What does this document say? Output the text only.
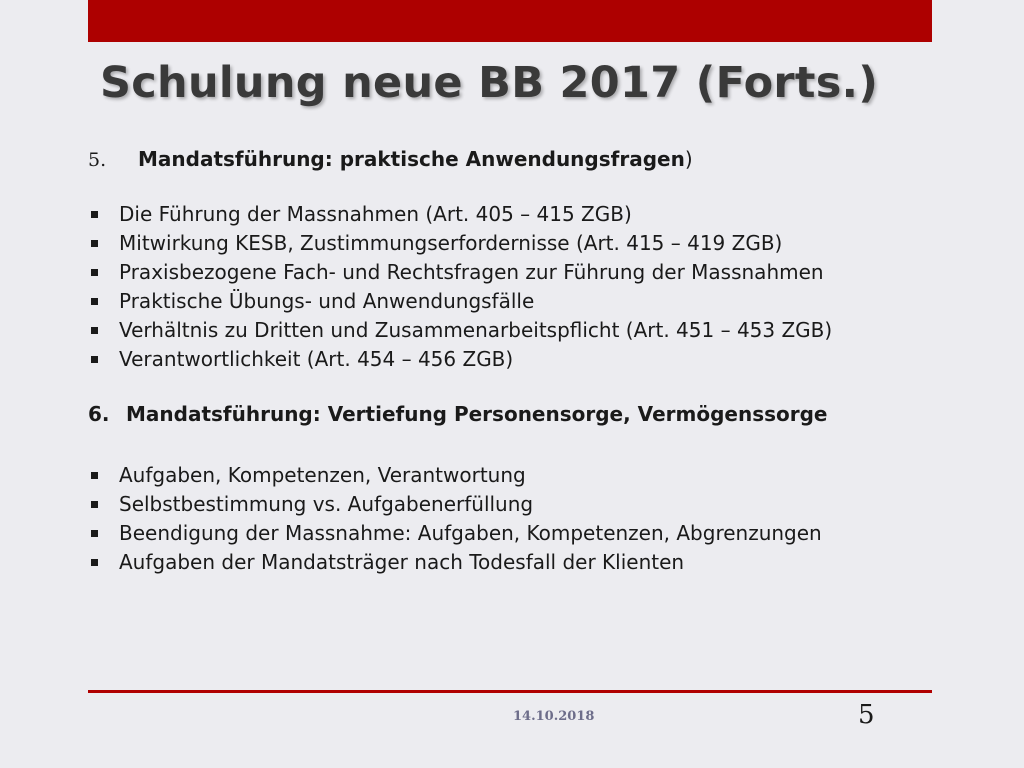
Schulung neue BB 2017 (Forts.)
5.	Mandatsführung: praktische Anwendungsfragen)
Die Führung der Massnahmen (Art. 405 – 415 ZGB)
Mitwirkung KESB, Zustimmungserfordernisse (Art. 415 – 419 ZGB)
Praxisbezogene Fach- und Rechtsfragen zur Führung der Massnahmen
Praktische Übungs- und Anwendungsfälle
Verhältnis zu Dritten und Zusammenarbeitspflicht (Art. 451 – 453 ZGB)
Verantwortlichkeit (Art. 454 – 456 ZGB)
6. Mandatsführung: Vertiefung Personensorge, Vermögenssorge
Aufgaben, Kompetenzen, Verantwortung
Selbstbestimmung vs. Aufgabenerfüllung
Beendigung der Massnahme: Aufgaben, Kompetenzen, Abgrenzungen
Aufgaben der Mandatsträger nach Todesfall der Klienten
14.10.2018	5
